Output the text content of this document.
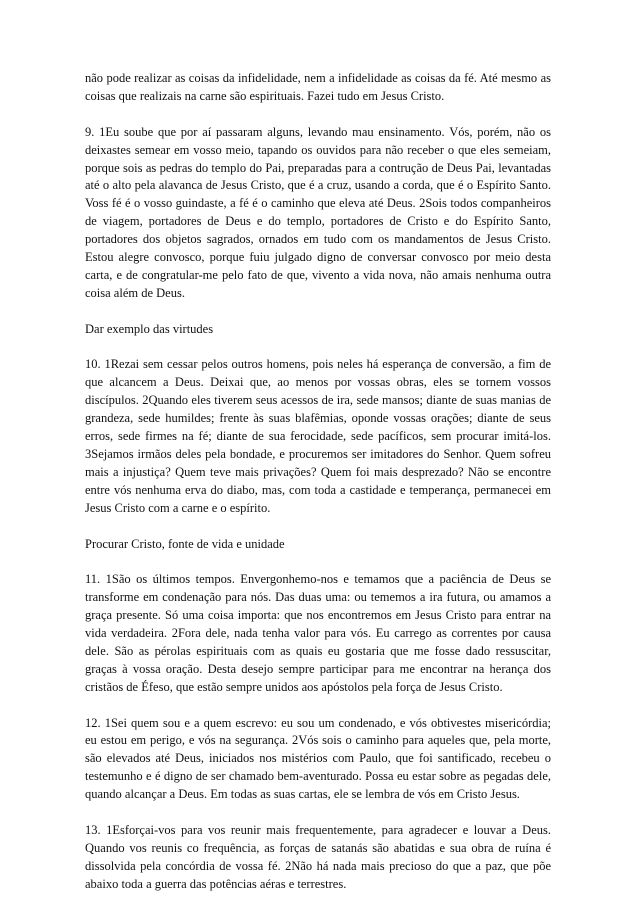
não pode realizar as coisas da infidelidade, nem a infidelidade as coisas da fé. Até mesmo as coisas que realizais na carne são espirituais. Fazei tudo em Jesus Cristo.

9. 1Eu soube que por aí passaram alguns, levando mau ensinamento. Vós, porém, não os deixastes semear em vosso meio, tapando os ouvidos para não receber o que eles semeiam, porque sois as pedras do templo do Pai, preparadas para a contrução de Deus Pai, levantadas até o alto pela alavanca de Jesus Cristo, que é a cruz, usando a corda, que é o Espírito Santo. Voss fé é o vosso guindaste, a fé é o caminho que eleva até Deus. 2Sois todos companheiros de viagem, portadores de Deus e do templo, portadores de Cristo e do Espírito Santo, portadores dos objetos sagrados, ornados em tudo com os mandamentos de Jesus Cristo. Estou alegre convosco, porque fuiu julgado digno de conversar convosco por meio desta carta, e de congratular-me pelo fato de que, vivento a vida nova, não amais nenhuma outra coisa além de Deus.

Dar exemplo das virtudes

10. 1Rezai sem cessar pelos outros homens, pois neles há esperança de conversão, a fim de que alcancem a Deus. Deixai que, ao menos por vossas obras, eles se tornem vossos discípulos. 2Quando eles tiverem seus acessos de ira, sede mansos; diante de suas manias de grandeza, sede humildes; frente às suas blafêmias, oponde vossas orações; diante de seus erros, sede firmes na fé; diante de sua ferocidade, sede pacíficos, sem procurar imitá-los. 3Sejamos irmãos deles pela bondade, e procuremos ser imitadores do Senhor. Quem sofreu mais a injustiça? Quem teve mais privações? Quem foi mais desprezado? Não se encontre entre vós nenhuma erva do diabo, mas, com toda a castidade e temperança, permanecei em Jesus Cristo com a carne e o espírito.

Procurar Cristo, fonte de vida e unidade

11. 1São os últimos tempos. Envergonhemo-nos e temamos que a paciência de Deus se transforme em condenação para nós. Das duas uma: ou tememos a ira futura, ou amamos a graça presente. Só uma coisa importa: que nos encontremos em Jesus Cristo para entrar na vida verdadeira. 2Fora dele, nada tenha valor para vós. Eu carrego as correntes por causa dele. São as pérolas espirituais com as quais eu gostaria que me fosse dado ressuscitar, graças à vossa oração. Desta desejo sempre participar para me encontrar na herança dos cristãos de Éfeso, que estão sempre unidos aos apóstolos pela força de Jesus Cristo.

12. 1Sei quem sou e a quem escrevo: eu sou um condenado, e vós obtivestes misericórdia; eu estou em perigo, e vós na segurança. 2Vós sois o caminho para aqueles que, pela morte, são elevados até Deus, iniciados nos mistérios com Paulo, que foi santificado, recebeu o testemunho e é digno de ser chamado bem-aventurado. Possa eu estar sobre as pegadas dele, quando alcançar a Deus. Em todas as suas cartas, ele se lembra de vós em Cristo Jesus.

13. 1Esforçai-vos para vos reunir mais frequentemente, para agradecer e louvar a Deus. Quando vos reunis co frequência, as forças de satanás são abatidas e sua obra de ruína é dissolvida pela concórdia de vossa fé. 2Não há nada mais precioso do que a paz, que põe abaixo toda a guerra das potências aéras e terrestres.
